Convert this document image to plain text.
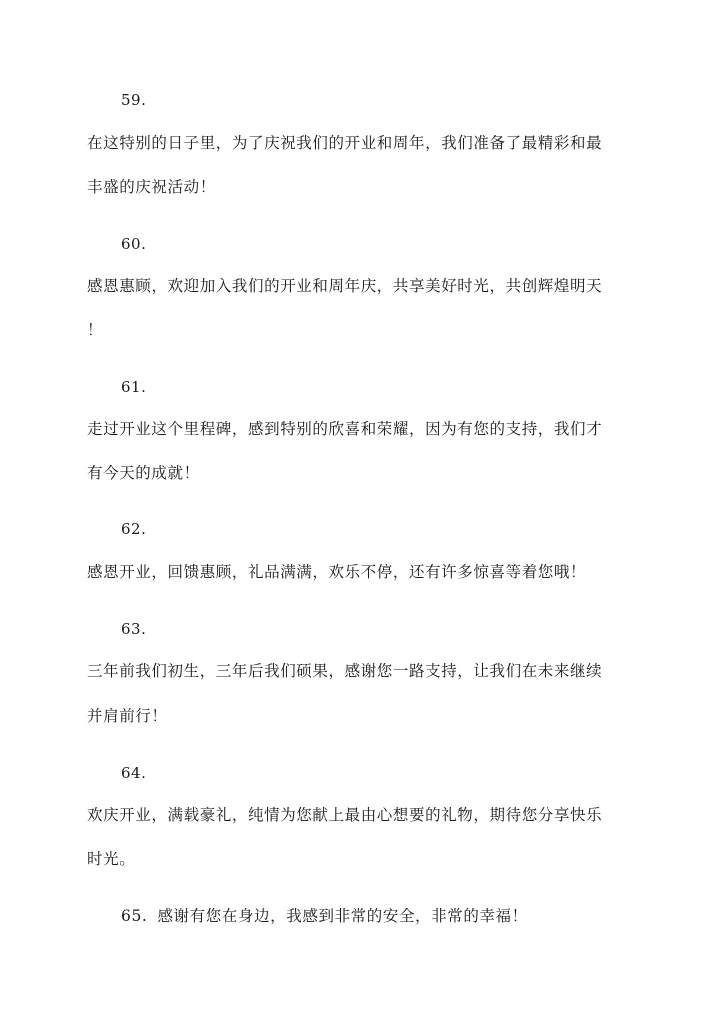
59.
在这特别的日子里，为了庆祝我们的开业和周年，我们准备了最精彩和最
丰盛的庆祝活动！
60.
感恩惠顾，欢迎加入我们的开业和周年庆，共享美好时光，共创辉煌明天
！
61.
走过开业这个里程碑，感到特别的欣喜和荣耀，因为有您的支持，我们才
有今天的成就！
62.
感恩开业，回馈惠顾，礼品满满，欢乐不停，还有许多惊喜等着您哦！
63.
三年前我们初生，三年后我们硕果，感谢您一路支持，让我们在未来继续
并肩前行！
64.
欢庆开业，满载豪礼，纯情为您献上最由心想要的礼物，期待您分享快乐
时光。
65. 感谢有您在身边，我感到非常的安全，非常的幸福！
